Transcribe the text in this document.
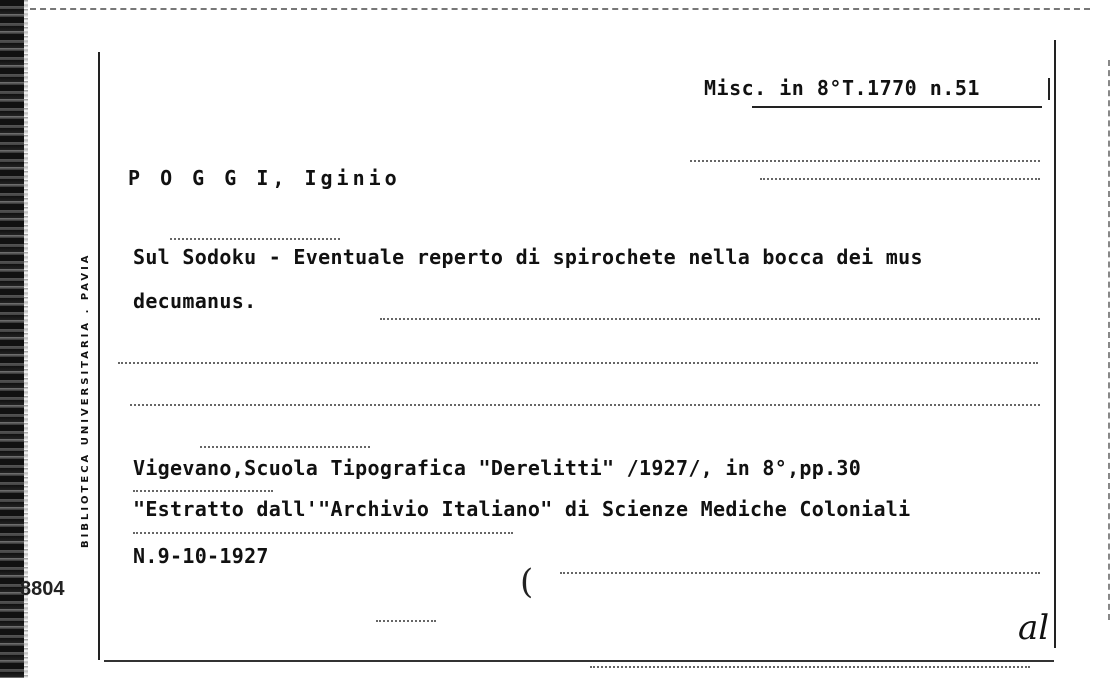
Misc. in 8°T.1770 n.51
BIBLIOTECA UNIVERSITARIA . PAVIA
P O G G I, Iginio
Sul Sodoku - Eventuale reperto di spirochete nella bocca dei mus
decumanus.
Vigevano,Scuola Tipografica "Derelitti" /1927/, in 8°,pp.30
"Estratto dall'"Archivio Italiano" di Scienze Mediche Coloniali
N.9-10-1927
8804	(
al
